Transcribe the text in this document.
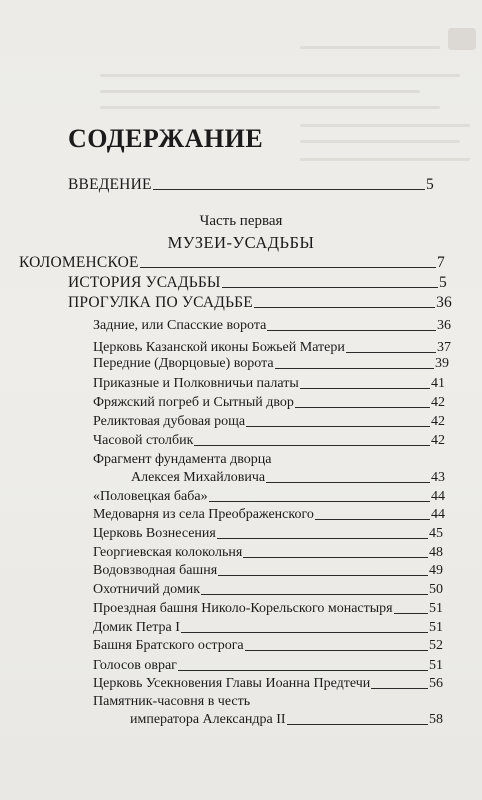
СОДЕРЖАНИЕ
ВВЕДЕНИЕ	5
Часть первая
МУЗЕИ-УСАДЬБЫ
КОЛОМЕНСКОЕ	7
ИСТОРИЯ УСАДЬБЫ	5
ПРОГУЛКА ПО УСАДЬБЕ	36
Задние, или Спасские ворота	36
Церковь Казанской иконы Божьей Матери	37
Передние (Дворцовые) ворота	39
Приказные и Полковничьи палаты	41
Фряжский погреб и Сытный двор	42
Реликтовая дубовая роща	42
Часовой столбик	42
Фрагмент фундамента дворца
Алексея Михайловича	43
«Половецкая баба»	44
Медоварня из села Преображенского	44
Церковь Вознесения	45
Георгиевская колокольня	48
Водовзводная башня	49
Охотничий домик	50
Проездная башня Николо-Корельского монастыря	51
Домик Петра I	51
Башня Братского острога	52
Голосов овраг	51
Церковь Усекновения Главы Иоанна Предтечи	56
Памятник-часовня в честь
императора Александра II	58
